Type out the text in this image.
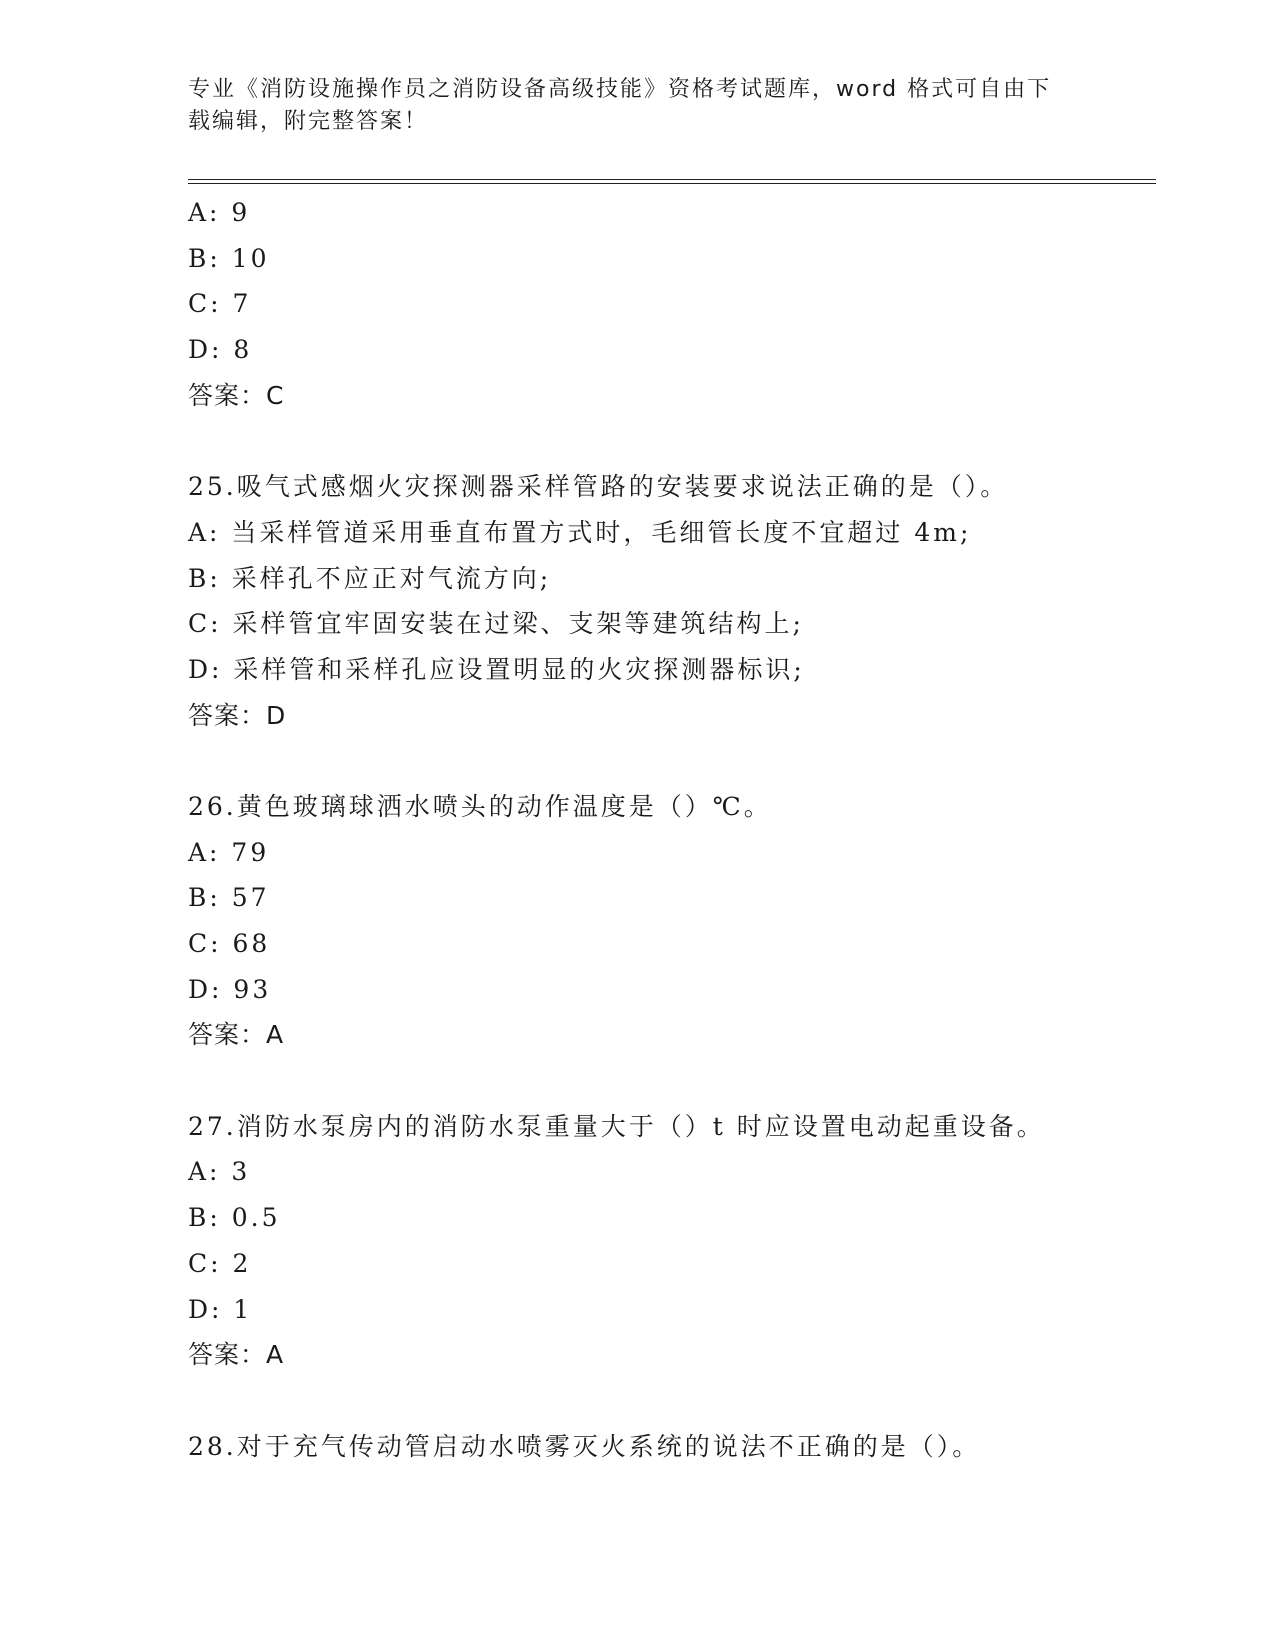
专业《消防设施操作员之消防设备高级技能》资格考试题库，word 格式可自由下
载编辑，附完整答案！
A: 9
B: 10
C: 7
D: 8
答案：C
25.吸气式感烟火灾探测器采样管路的安装要求说法正确的是（）。
A: 当采样管道采用垂直布置方式时，毛细管长度不宜超过 4m;
B: 采样孔不应正对气流方向;
C: 采样管宜牢固安装在过梁、支架等建筑结构上;
D: 采样管和采样孔应设置明显的火灾探测器标识;
答案：D
26.黄色玻璃球洒水喷头的动作温度是（）℃。
A: 79
B: 57
C: 68
D: 93
答案：A
27.消防水泵房内的消防水泵重量大于（）t 时应设置电动起重设备。
A: 3
B: 0.5
C: 2
D: 1
答案：A
28.对于充气传动管启动水喷雾灭火系统的说法不正确的是（）。
